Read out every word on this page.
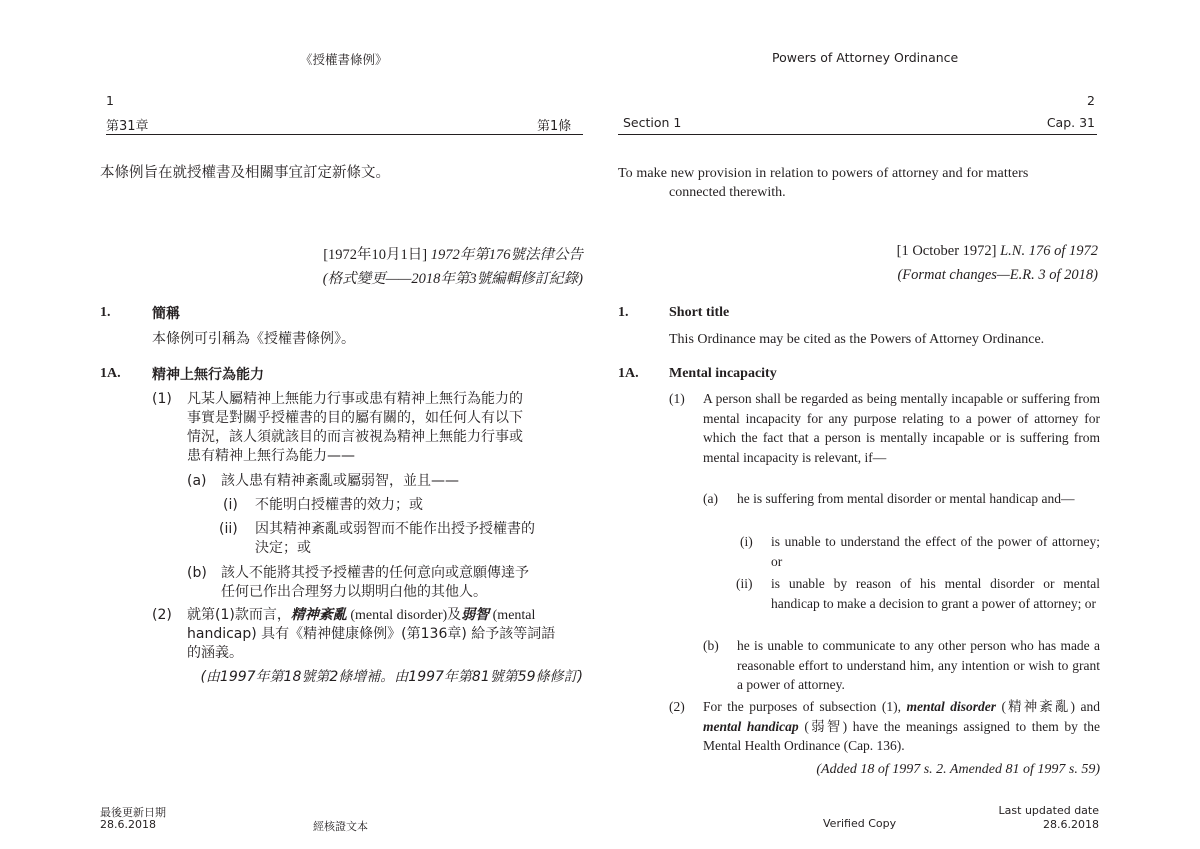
《授權書條例》
1
第31章	第1條
本條例旨在就授權書及相關事宜訂定新條文。
[1972年10月1日] 1972年第176號法律公告
(格式變更——2018年第3號編輯修訂紀錄)
1.	簡稱
本條例可引稱為《授權書條例》。
1A. 精神上無行為能力
(1) 凡某人屬精神上無能力行事或患有精神上無行為能力的
事實是對關乎授權書的目的屬有關的，如任何人有以下
情況，該人須就該目的而言被視為精神上無能力行事或
患有精神上無行為能力——
(a) 該人患有精神紊亂或屬弱智，並且——
(i) 不能明白授權書的效力；或
(ii) 因其精神紊亂或弱智而不能作出授予授權書的
決定；或
(b) 該人不能將其授予授權書的任何意向或意願傳達予
任何已作出合理努力以期明白他的其他人。
(2) 就第(1)款而言，精神紊亂 (mental disorder)及弱智 (mental
handicap) 具有《精神健康條例》(第136章) 給予該等詞語
的涵義。
(由1997年第18號第2條增補。由1997年第81號第59條修訂)
最後更新日期
28.6.2018	經核證文本
Powers of Attorney Ordinance
2
Section 1	Cap. 31
To make new provision in relation to powers of attorney and for matters
connected therewith.
[1 October 1972] L.N. 176 of 1972
(Format changes—E.R. 3 of 2018)
1.	Short title
This Ordinance may be cited as the Powers of Attorney Ordinance.
1A. Mental incapacity
(1) A person shall be regarded as being mentally incapable or suffering from mental incapacity for any purpose relating to a power of attorney for which the fact that a person is mentally incapable or is suffering from mental incapacity is relevant, if—
(a) he is suffering from mental disorder or mental handicap and—
(i) is unable to understand the effect of the power of attorney; or
(ii) is unable by reason of his mental disorder or mental handicap to make a decision to grant a power of attorney; or
(b) he is unable to communicate to any other person who has made a reasonable effort to understand him, any intention or wish to grant a power of attorney.
(2) For the purposes of subsection (1), mental disorder (精神紊亂) and mental handicap (弱智) have the meanings assigned to them by the Mental Health Ordinance (Cap. 136).
(Added 18 of 1997 s. 2. Amended 81 of 1997 s. 59)
Verified Copy
Last updated date
28.6.2018
